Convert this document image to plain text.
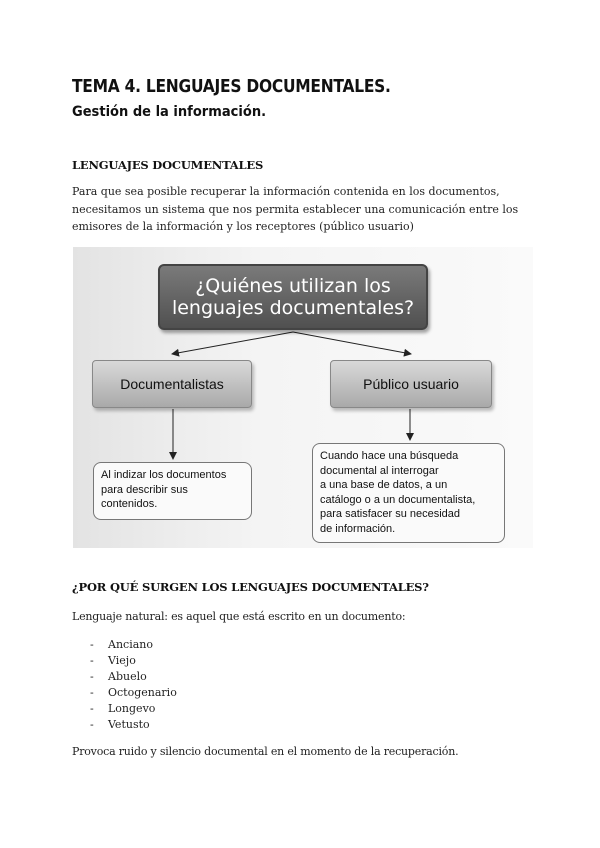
TEMA 4. LENGUAJES DOCUMENTALES.
Gestión de la información.
LENGUAJES DOCUMENTALES
Para que sea posible recuperar la información contenida en los documentos, necesitamos un sistema que nos permita establecer una comunicación entre los emisores de la información y los receptores (público usuario)
¿Quiénes utilizan los
lenguajes documentales?
Documentalistas	Público usuario
Al indizar los documentos
para describir sus
contenidos.
Cuando hace una búsqueda
documental al interrogar
a una base de datos, a un
catálogo o a un documentalista,
para satisfacer su necesidad
de información.
¿POR QUÉ SURGEN LOS LENGUAJES DOCUMENTALES?
Lenguaje natural: es aquel que está escrito en un documento:
- Anciano
- Viejo
- Abuelo
- Octogenario
- Longevo
- Vetusto
Provoca ruido y silencio documental en el momento de la recuperación.
